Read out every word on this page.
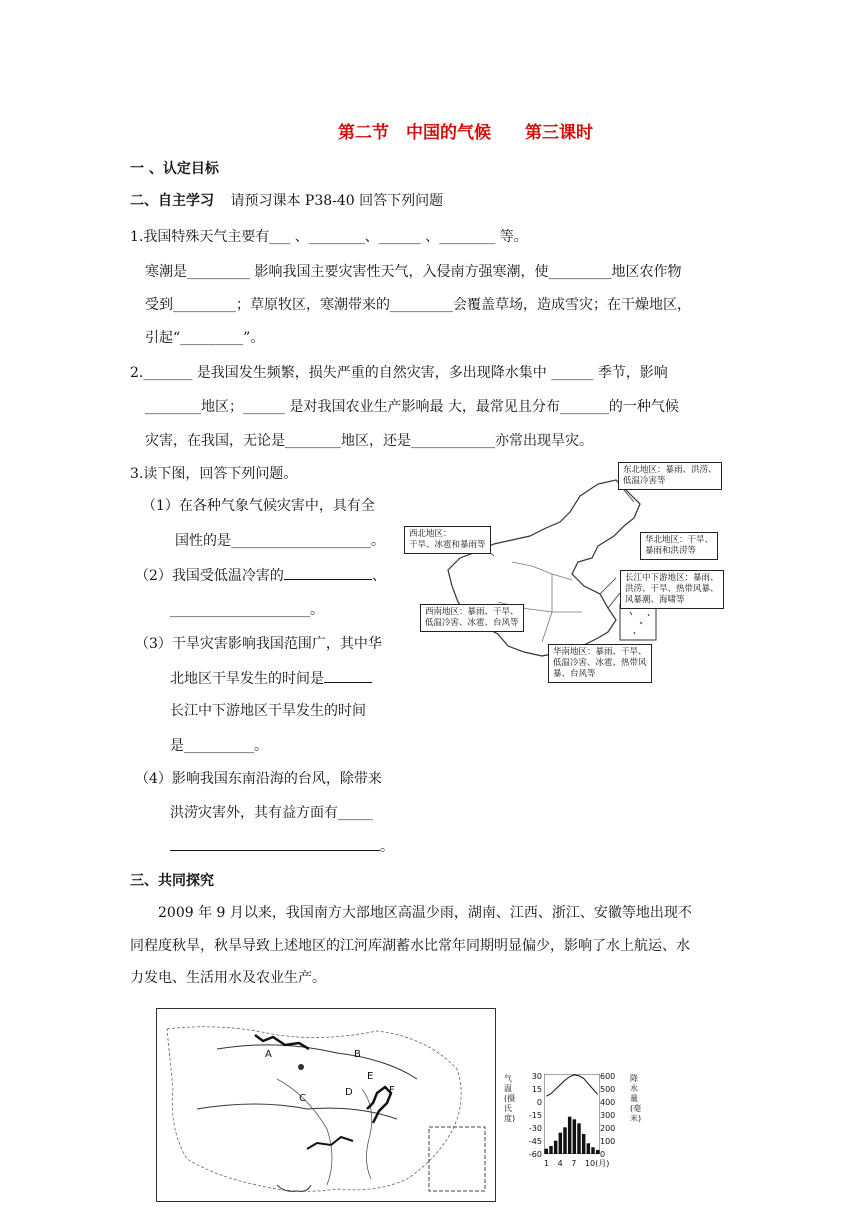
第二节　中国的气候　　第三课时
一 、认定目标
二、自主学习 请预习课本 P38-40 回答下列问题
1.我国特殊天气主要有___ 、________、______ 、________ 等。
寒潮是_________ 影响我国主要灾害性天气，入侵南方强寒潮，使_________地区农作物
受到_________；草原牧区，寒潮带来的_________会覆盖草场，造成雪灾；在干燥地区，
引起“_________”。
2._______ 是我国发生频繁，损失严重的自然灾害，多出现降水集中 ______ 季节，影响
________地区；______ 是对我国农业生产影响最 大，最常见且分布_______的一种气候
灾害，在我国，无论是________地区，还是____________亦常出现旱灾。
3.读下图，回答下列问题。
（1）在各种气象气候灾害中，具有全
国性的是____________________。
（2）我国受低温冷害的	、
____________________。
（3）干旱灾害影响我国范围广，其中华
北地区干旱发生的时间是
长江中下游地区干旱发生的时间
是__________。
（4）影响我国东南沿海的台风，除带来
洪涝灾害外，其有益方面有_____
。
东北地区：暴雨、洪涝、
低温冷害等
西北地区：
干旱、冰雹和暴雨等	华北地区：干旱、
暴雨和洪涝等
长江中下游地区：暴雨、
洪涝、干旱、热带风暴、
风暴潮、海啸等
西南地区：暴雨、干旱、
低温冷害、冰雹、台风等
华南地区：暴雨、干旱、
低温冷害、冰雹、热带风
暴、台风等
三、共同探究
2009 年 9 月以来，我国南方大部地区高温少雨，湖南、江西、浙江、安徽等地出现不
同程度秋旱，秋旱导致上述地区的江河库湖蓄水比常年同期明显偏少，影响了水上航运、水
力发电、生活用水及农业生产。
A	B
E
C
D	F
气温(摄氏度)
降水量(毫米)
30
15
0
-15
-30
-45
-60
600
500
400
300
200
100
0
1 4 7 10(月)
